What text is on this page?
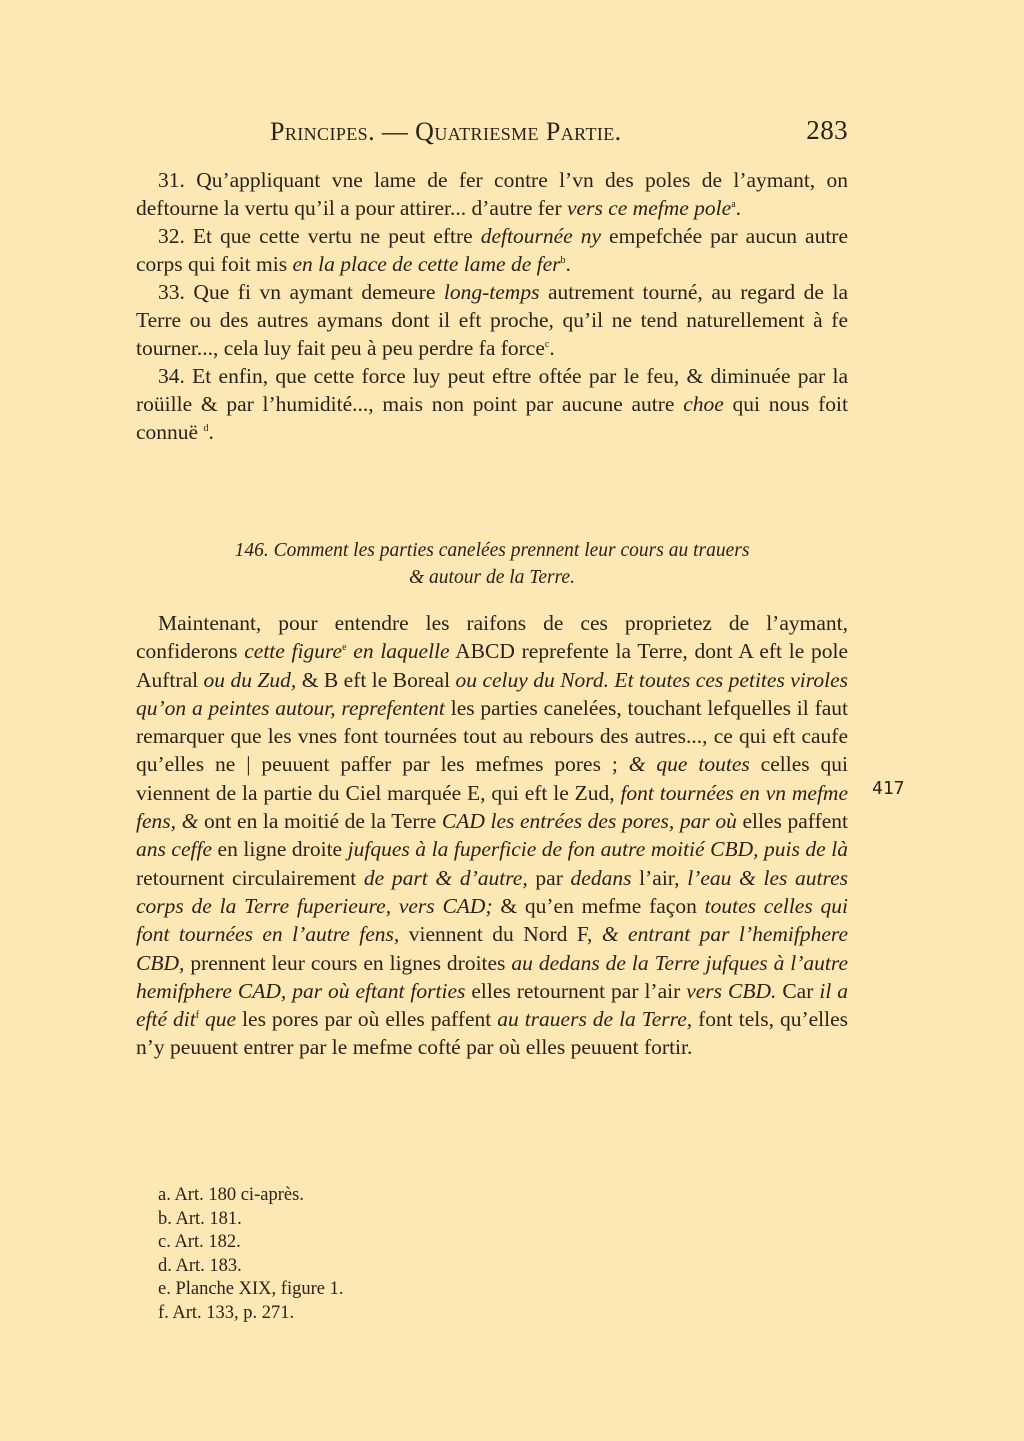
Principes. — Quatriesme Partie.	283

31. Qu’appliquant vne lame de fer contre l’vn des poles de l’aymant, on deftourne la vertu qu’il a pour attirer... d’autre fer vers ce mefme pole$^a$.

32. Et que cette vertu ne peut eftre deftournée ny empefchée par aucun autre corps qui foit mis en la place de cette lame de fer$^b$.

33. Que fi vn aymant demeure long-temps autrement tourné, au regard de la Terre ou des autres aymans dont il eft proche, qu’il ne tend naturellement à fe tourner..., cela luy fait peu à peu perdre fa force$^c$.

34. Et enfin, que cette force luy peut eftre oftée par le feu, & diminuée par la roüille & par l’humidité..., mais non point par aucune autre choe qui nous foit connuë $^d$.

146. Comment les parties canelées prennent leur cours au trauers
& autour de la Terre.

Maintenant, pour entendre les raifons de ces proprietez de l’aymant, confiderons cette figure$^e$ en laquelle ABCD reprefente la Terre, dont A eft le pole Auftral ou du Zud, & B eft le Boreal ou celuy du Nord. Et toutes ces petites viroles qu’on a peintes autour, reprefentent les parties canelées, touchant lefquelles il faut remarquer que les vnes font tournées tout au rebours des autres..., ce qui eft caufe qu’elles ne | peuuent paffer par les mefmes pores ; & que toutes celles qui viennent de la partie du Ciel marquée E, qui eft le Zud, font tournées en vn mefme fens, & ont en la moitié de la Terre CAD les entrées des pores, par où elles paffent ans ceffe en ligne droite jufques à la fuperficie de fon autre moitié CBD, puis de là retournent circulairement de part & d’autre, par dedans l’air, l’eau & les autres corps de la Terre fuperieure, vers CAD; & qu’en mefme façon toutes celles qui font tournées en l’autre fens, viennent du Nord F, & entrant par l’hemifphere CBD, prennent leur cours en lignes droites au dedans de la Terre jufques à l’autre hemifphere CAD, par où eftant forties elles retournent par l’air vers CBD. Car il a efté dit$^f$ que les pores par où elles paffent au trauers de la Terre, font tels, qu’elles n’y peuuent entrer par le mefme cofté par où elles peuuent fortir.

417
a. Art. 180 ci-après.
b. Art. 181.
c. Art. 182.
d. Art. 183.
e. Planche XIX, figure 1.
f. Art. 133, p. 271.
